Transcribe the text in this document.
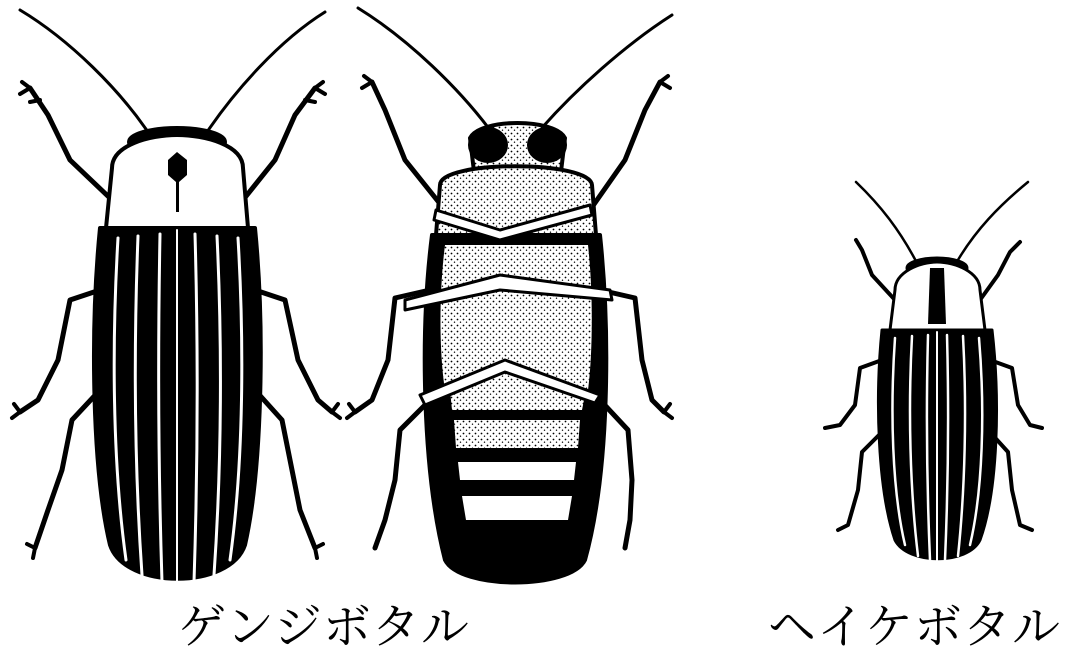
ゲンジボタル	ヘイケボタル
